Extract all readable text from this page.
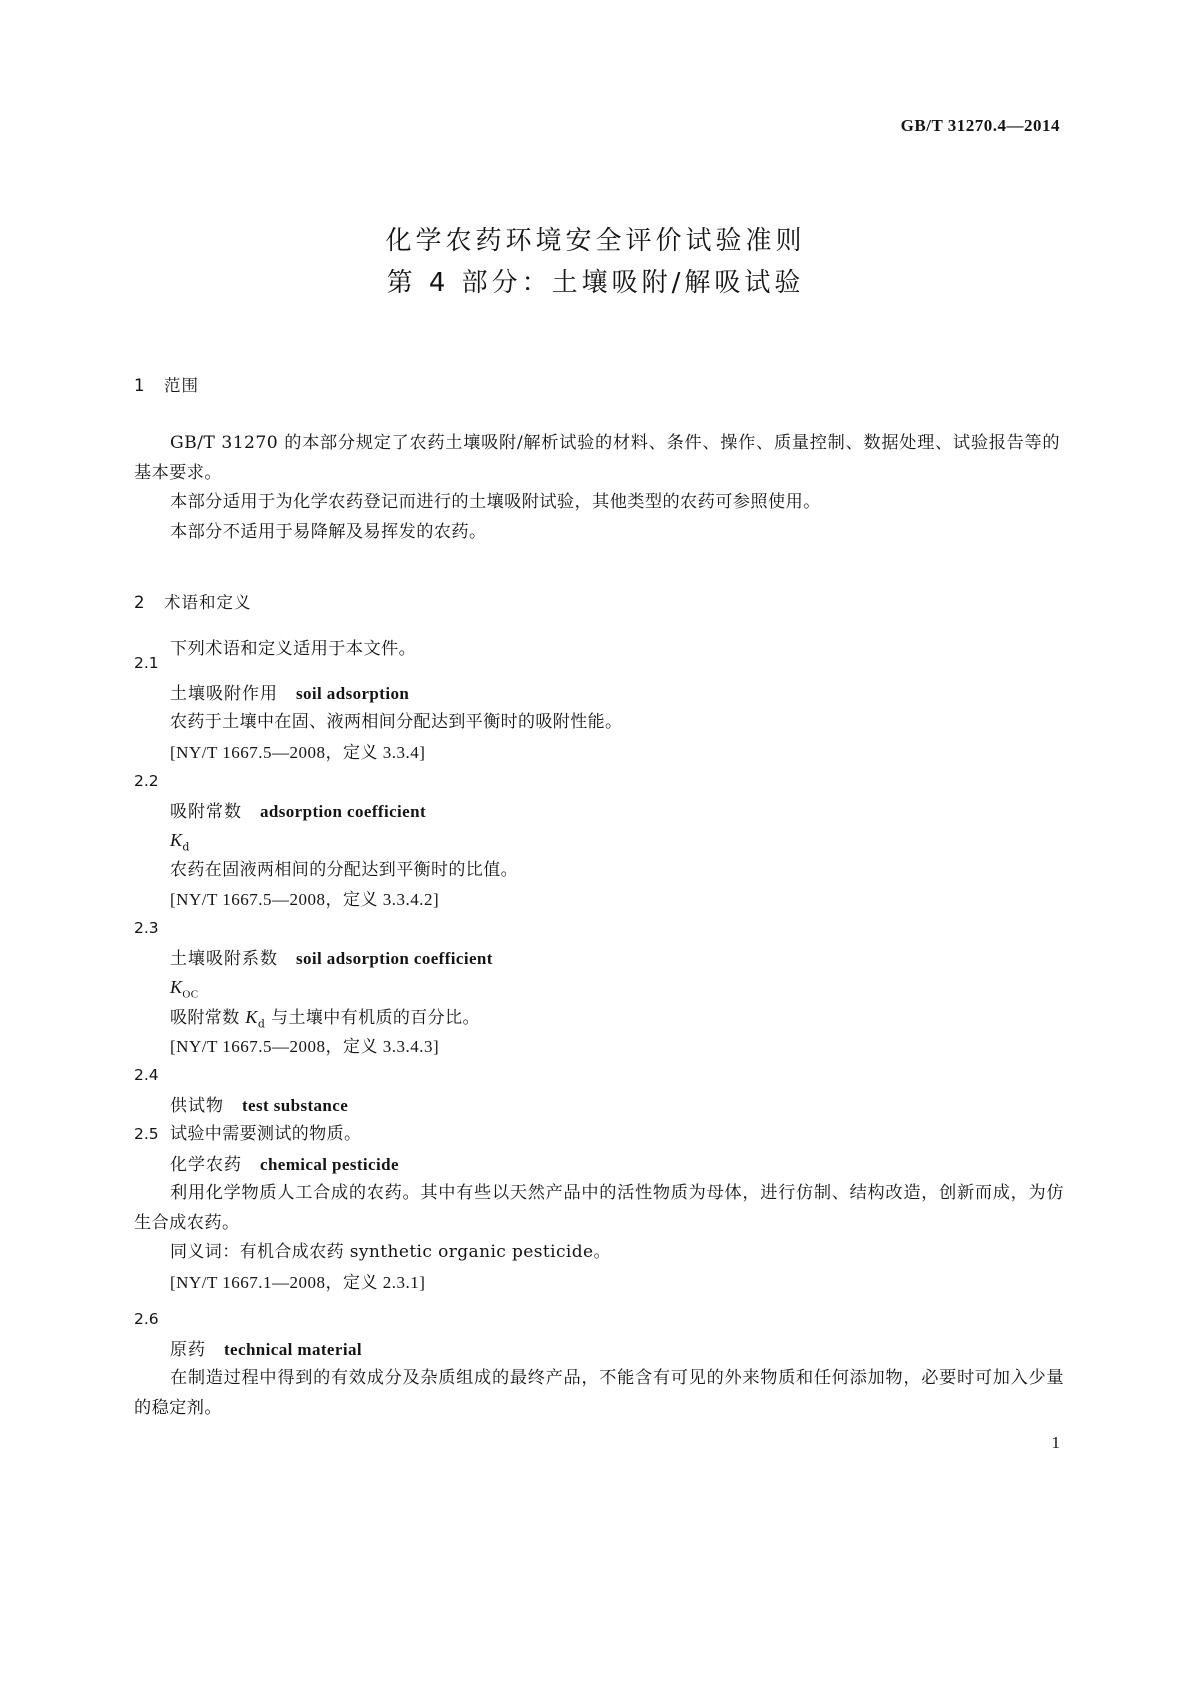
GB/T 31270.4—2014

化学农药环境安全评价试验准则
第 4 部分：土壤吸附/解吸试验
1 范围

GB/T 31270 的本部分规定了农药土壤吸附/解析试验的材料、条件、操作、质量控制、数据处理、试验报告等的基本要求。

本部分适用于为化学农药登记而进行的土壤吸附试验，其他类型的农药可参照使用。

本部分不适用于易降解及易挥发的农药。

2 术语和定义

下列术语和定义适用于本文件。

2.1
土壤吸附作用 soil adsorption
农药于土壤中在固、液两相间分配达到平衡时的吸附性能。
[NY/T 1667.5—2008，定义 3.3.4]
2.2
吸附常数 adsorption coefficient
$K_d$
农药在固液两相间的分配达到平衡时的比值。
[NY/T 1667.5—2008，定义 3.3.4.2]
2.3
土壤吸附系数 soil adsorption coefficient
$K_{OC}$
吸附常数 $K_d$ 与土壤中有机质的百分比。
[NY/T 1667.5—2008，定义 3.3.4.3]
2.4
供试物 test substance
试验中需要测试的物质。
2.5
化学农药 chemical pesticide
利用化学物质人工合成的农药。其中有些以天然产品中的活性物质为母体，进行仿制、结构改造，创新而成，为仿生合成农药。
同义词：有机合成农药 synthetic organic pesticide。
[NY/T 1667.1—2008，定义 2.3.1]
2.6
原药 technical material
在制造过程中得到的有效成分及杂质组成的最终产品，不能含有可见的外来物质和任何添加物，必要时可加入少量的稳定剂。

1
